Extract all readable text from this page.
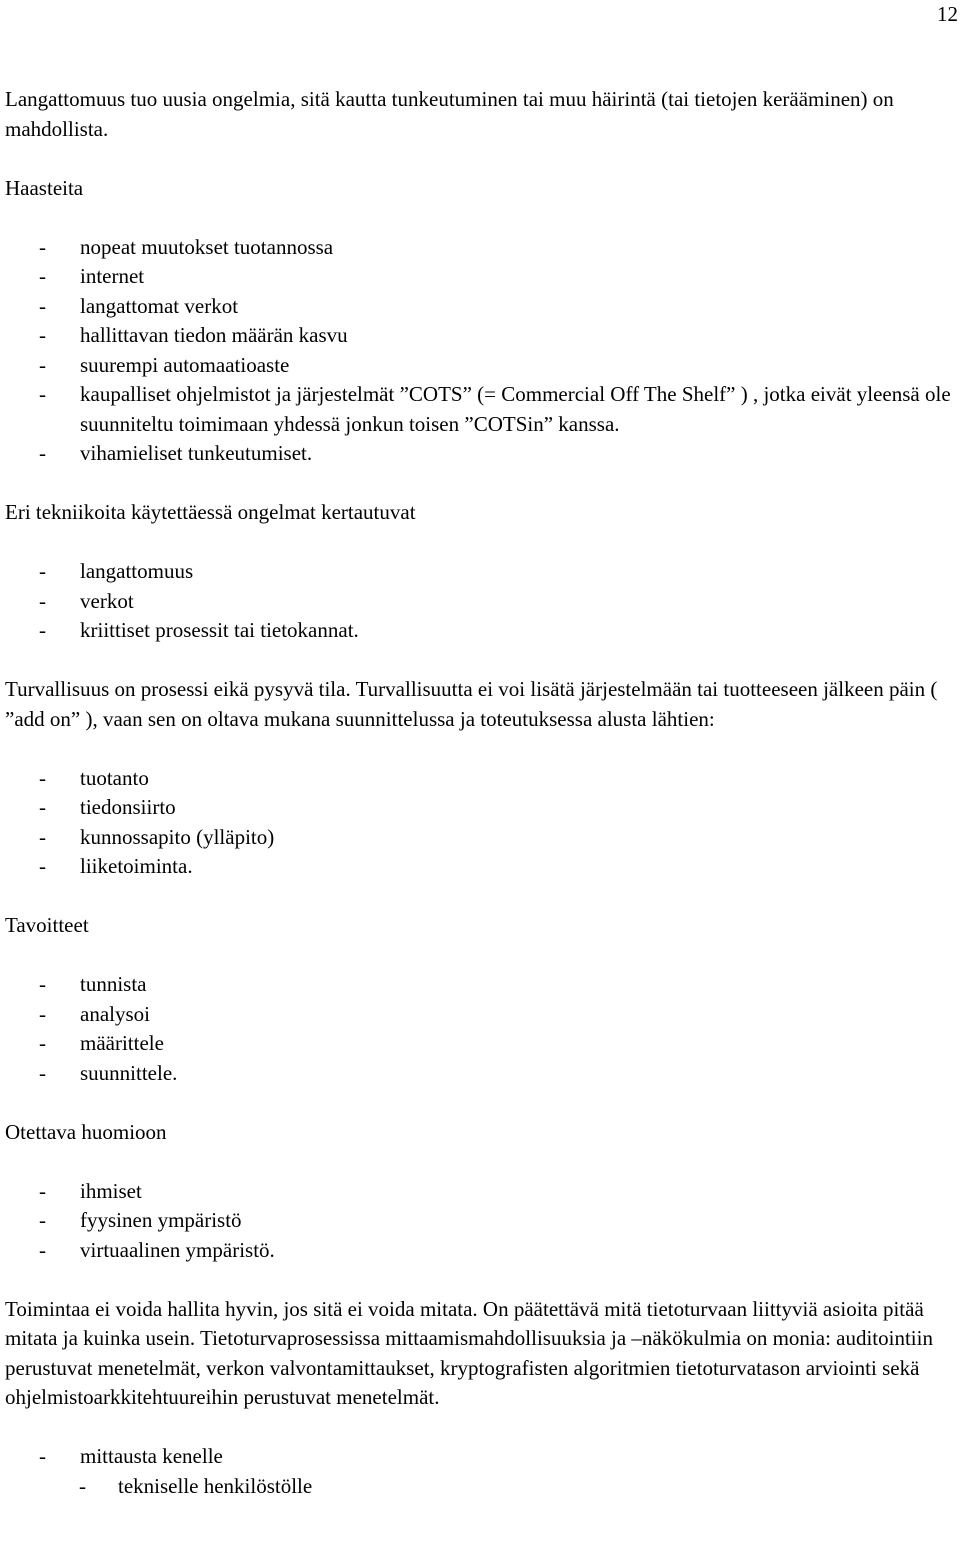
12

Langattomuus tuo uusia ongelmia, sitä kautta tunkeutuminen tai muu häirintä (tai tietojen kerääminen) on mahdollista.

Haasteita

- nopeat muutokset tuotannossa
- internet
- langattomat verkot
- hallittavan tiedon määrän kasvu
- suurempi automaatioaste
- kaupalliset ohjelmistot ja järjestelmät ”COTS” (= Commercial Off The Shelf” ) , jotka eivät yleensä ole suunniteltu toimimaan yhdessä jonkun toisen ”COTSin” kanssa.
- vihamieliset tunkeutumiset.

Eri tekniikoita käytettäessä ongelmat kertautuvat

- langattomuus
- verkot
- kriittiset prosessit tai tietokannat.

Turvallisuus on prosessi eikä pysyvä tila. Turvallisuutta ei voi lisätä järjestelmään tai tuotteeseen jälkeen päin ( ”add on” ), vaan sen on oltava mukana suunnittelussa ja toteutuksessa alusta lähtien:

- tuotanto
- tiedonsiirto
- kunnossapito (ylläpito)
- liiketoiminta.

Tavoitteet

- tunnista
- analysoi
- määrittele
- suunnittele.

Otettava huomioon

- ihmiset
- fyysinen ympäristö
- virtuaalinen ympäristö.

Toimintaa ei voida hallita hyvin, jos sitä ei voida mitata. On päätettävä mitä tietoturvaan liittyviä asioita pitää mitata ja kuinka usein. Tietoturvaprosessissa mittaamismahdollisuuksia ja –näkökulmia on monia: auditointiin perustuvat menetelmät, verkon valvontamittaukset, kryptografisten algoritmien tietoturvatason arviointi sekä ohjelmistoarkkitehtuureihin perustuvat menetelmät.

- mittausta kenelle
- tekniselle henkilöstölle
